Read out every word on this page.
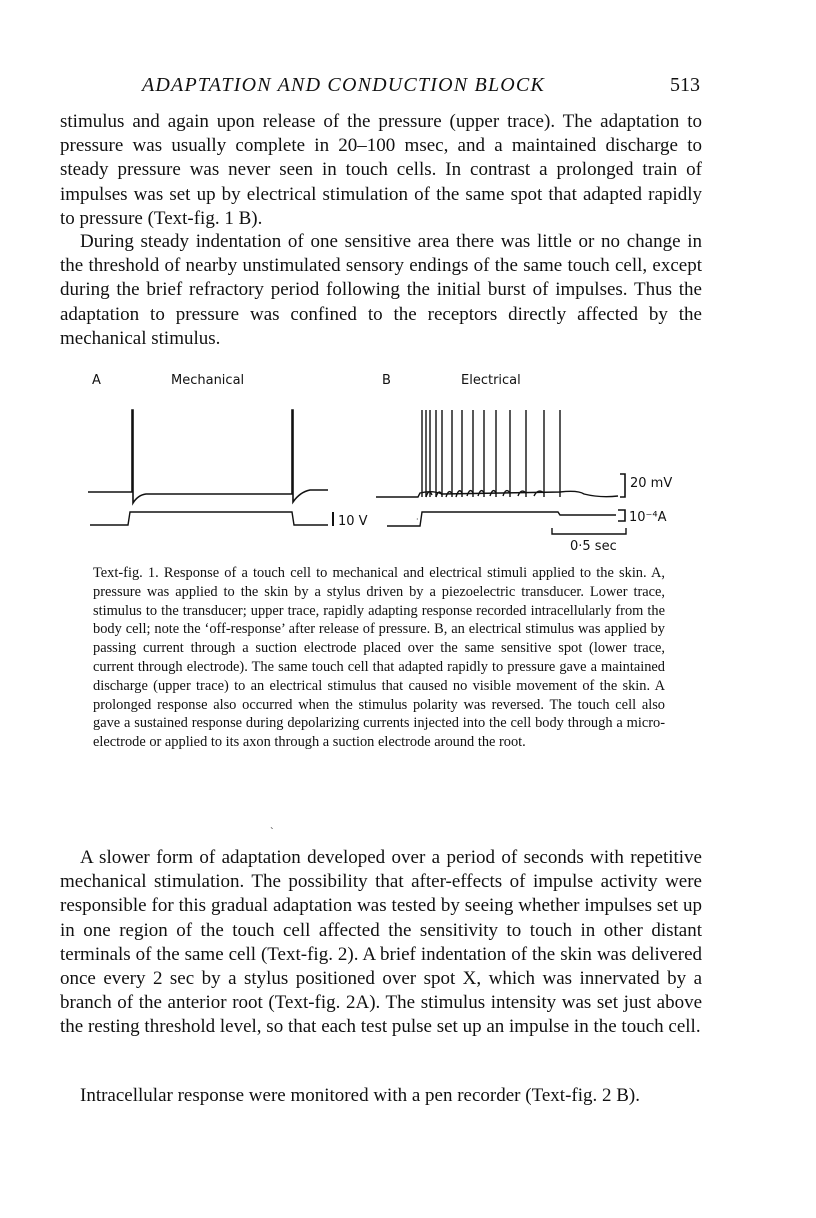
ADAPTATION AND CONDUCTION BLOCK	513

stimulus and again upon release of the pressure (upper trace). The adaptation to pressure was usually complete in 20–100 msec, and a maintained discharge to steady pressure was never seen in touch cells. In contrast a prolonged train of impulses was set up by electrical stimulation of the same spot that adapted rapidly to pressure (Text-fig. 1 B).

During steady indentation of one sensitive area there was little or no change in the threshold of nearby unstimulated sensory endings of the same touch cell, except during the brief refractory period following the initial burst of impulses. Thus the adaptation to pressure was confined to the receptors directly affected by the mechanical stimulus.

A	Mechanical	B	Electrical
10 V	·
20 mV
10⁻⁴A
0·5 sec

Text-fig. 1. Response of a touch cell to mechanical and electrical stimuli applied to the skin. A, pressure was applied to the skin by a stylus driven by a piezoelectric transducer. Lower trace, stimulus to the transducer; upper trace, rapidly adapting response recorded intracellularly from the body cell; note the ‘off-response’ after release of pressure. B, an electrical stimulus was applied by passing current through a suction electrode placed over the same sensitive spot (lower trace, current through electrode). The same touch cell that adapted rapidly to pressure gave a maintained discharge (upper trace) to an electrical stimulus that caused no visible movement of the skin. A prolonged response also occurred when the stimulus polarity was reversed. The touch cell also gave a sustained response during depolarizing currents injected into the cell body through a micro-electrode or applied to its axon through a suction electrode around the root.

`

A slower form of adaptation developed over a period of seconds with repetitive mechanical stimulation. The possibility that after-effects of impulse activity were responsible for this gradual adaptation was tested by seeing whether impulses set up in one region of the touch cell affected the sensitivity to touch in other distant terminals of the same cell (Text-fig. 2). A brief indentation of the skin was delivered once every 2 sec by a stylus positioned over spot X, which was innervated by a branch of the anterior root (Text-fig. 2A). The stimulus intensity was set just above the resting threshold level, so that each test pulse set up an impulse in the touch cell.

Intracellular response were monitored with a pen recorder (Text-fig. 2 B).
